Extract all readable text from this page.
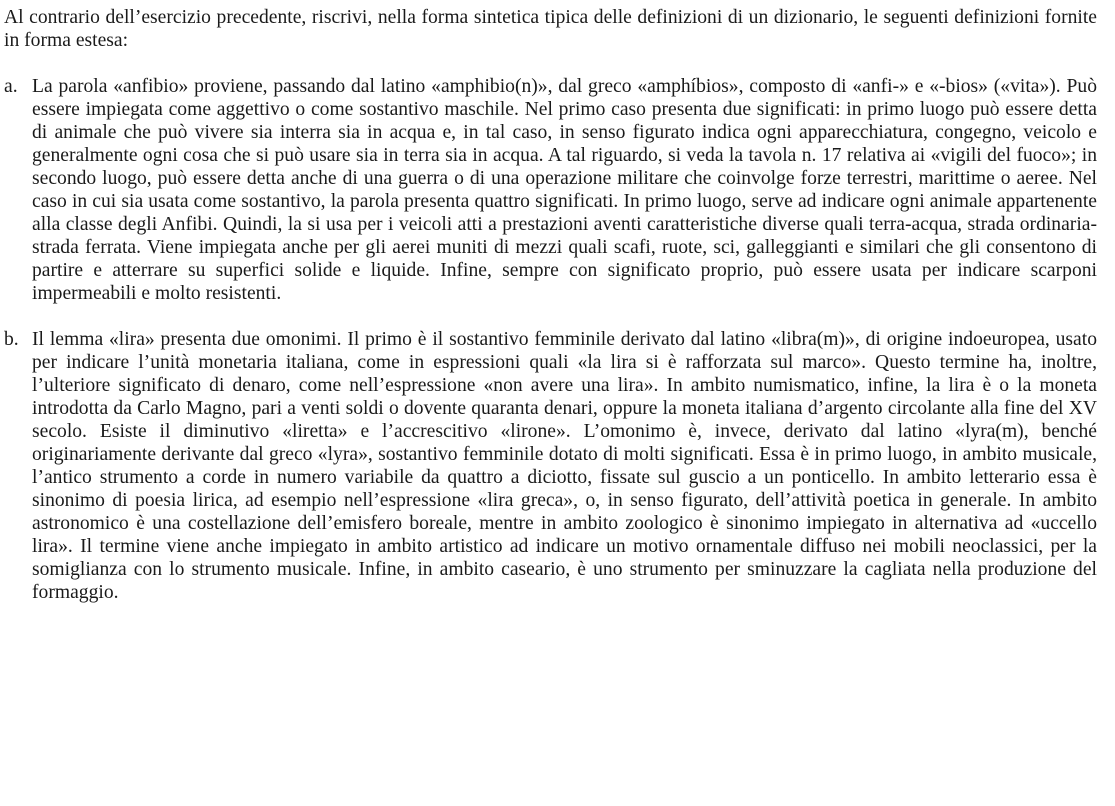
Al contrario dell’esercizio precedente, riscrivi, nella forma sintetica tipica delle definizioni di un dizionario, le seguenti definizioni fornite in forma estesa:

a. La parola «anfibio» proviene, passando dal latino «amphibio(n)», dal greco «amphíbios», composto di «anfi-» e «-bios» («vita»). Può essere impiegata come aggettivo o come sostantivo maschile. Nel primo caso presenta due significati: in primo luogo può essere detta di animale che può vivere sia interra sia in acqua e, in tal caso, in senso figurato indica ogni apparecchiatura, congegno, veicolo e generalmente ogni cosa che si può usare sia in terra sia in acqua. A tal riguardo, si veda la tavola n. 17 relativa ai «vigili del fuoco»; in secondo luogo, può essere detta anche di una guerra o di una operazione militare che coinvolge forze terrestri, marittime o aeree. Nel caso in cui sia usata come sostantivo, la parola presenta quattro significati. In primo luogo, serve ad indicare ogni animale appartenente alla classe degli Anfibi. Quindi, la si usa per i veicoli atti a prestazioni aventi caratteristiche diverse quali terra-acqua, strada ordinaria-strada ferrata. Viene impiegata anche per gli aerei muniti di mezzi quali scafi, ruote, sci, galleggianti e similari che gli consentono di partire e atterrare su superfici solide e liquide. Infine, sempre con significato proprio, può essere usata per indicare scarponi impermeabili e molto resistenti.

b. Il lemma «lira» presenta due omonimi. Il primo è il sostantivo femminile derivato dal latino «libra(m)», di origine indoeuropea, usato per indicare l’unità monetaria italiana, come in espressioni quali «la lira si è rafforzata sul marco». Questo termine ha, inoltre, l’ulteriore significato di denaro, come nell’espressione «non avere una lira». In ambito numismatico, infine, la lira è o la moneta introdotta da Carlo Magno, pari a venti soldi o dovente quaranta denari, oppure la moneta italiana d’argento circolante alla fine del XV secolo. Esiste il diminutivo «liretta» e l’accrescitivo «lirone». L’omonimo è, invece, derivato dal latino «lyra(m), benché originariamente derivante dal greco «lyra», sostantivo femminile dotato di molti significati. Essa è in primo luogo, in ambito musicale, l’antico strumento a corde in numero variabile da quattro a diciotto, fissate sul guscio a un ponticello. In ambito letterario essa è sinonimo di poesia lirica, ad esempio nell’espressione «lira greca», o, in senso figurato, dell’attività poetica in generale. In ambito astronomico è una costellazione dell’emisfero boreale, mentre in ambito zoologico è sinonimo impiegato in alternativa ad «uccello lira». Il termine viene anche impiegato in ambito artistico ad indicare un motivo ornamentale diffuso nei mobili neoclassici, per la somiglianza con lo strumento musicale. Infine, in ambito caseario, è uno strumento per sminuzzare la cagliata nella produzione del formaggio.
